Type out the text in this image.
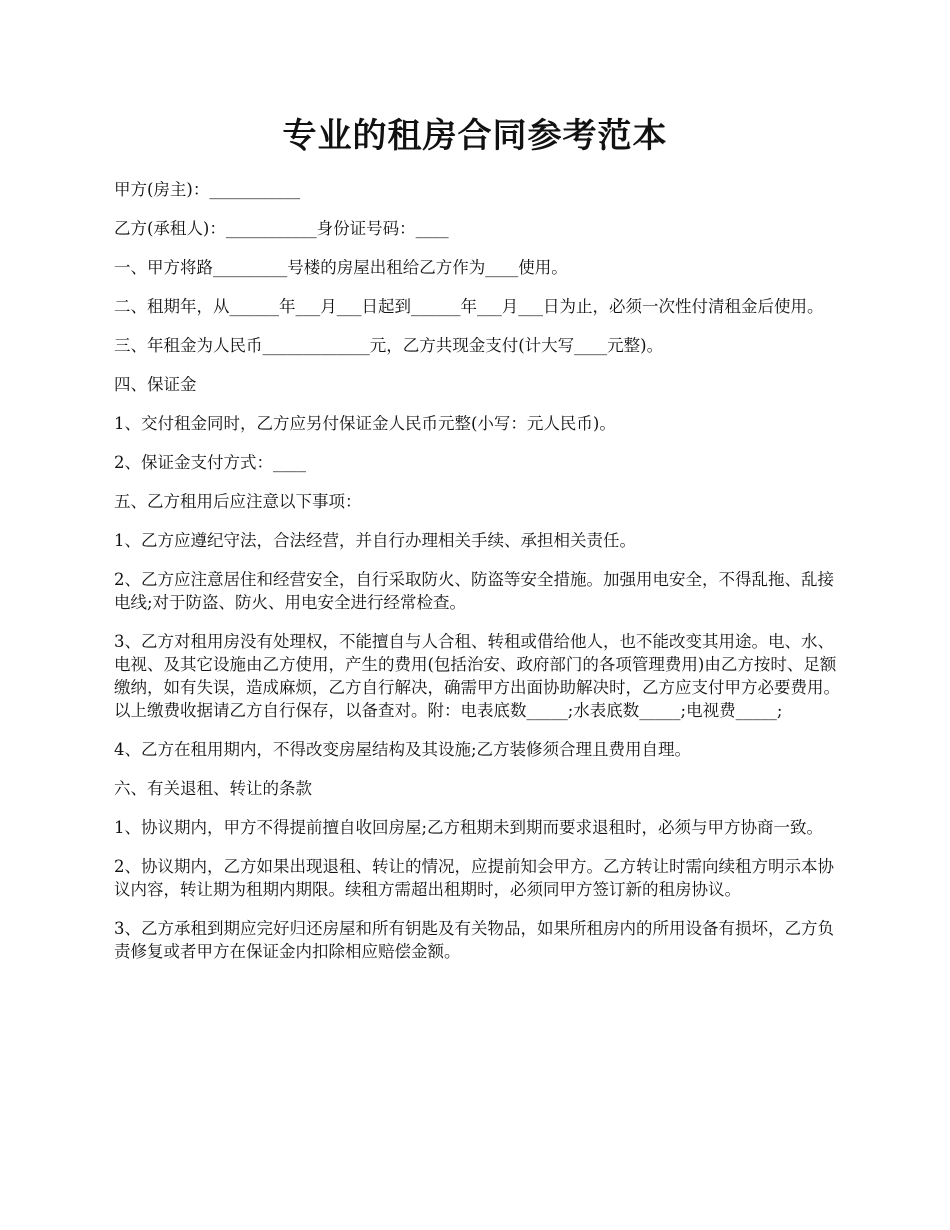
专业的租房合同参考范本

甲方(房主)：___________

乙方(承租人)：___________身份证号码：____

一、甲方将路_________号楼的房屋出租给乙方作为____使用。

二、租期年，从______年___月___日起到______年___月___日为止，必须一次性付清租金后使用。

三、年租金为人民币_____________元，乙方共现金支付(计大写____元整)。

四、保证金

1、交付租金同时，乙方应另付保证金人民币元整(小写：元人民币)。

2、保证金支付方式：____

五、乙方租用后应注意以下事项：

1、乙方应遵纪守法，合法经营，并自行办理相关手续、承担相关责任。

2、乙方应注意居住和经营安全，自行采取防火、防盗等安全措施。加强用电安全，不得乱拖、乱接电线;对于防盗、防火、用电安全进行经常检查。

3、乙方对租用房没有处理权，不能擅自与人合租、转租或借给他人，也不能改变其用途。电、水、电视、及其它设施由乙方使用，产生的费用(包括治安、政府部门的各项管理费用)由乙方按时、足额缴纳，如有失误，造成麻烦，乙方自行解决，确需甲方出面协助解决时，乙方应支付甲方必要费用。以上缴费收据请乙方自行保存，以备查对。附：电表底数_____;水表底数_____;电视费_____;

4、乙方在租用期内，不得改变房屋结构及其设施;乙方装修须合理且费用自理。

六、有关退租、转让的条款

1、协议期内，甲方不得提前擅自收回房屋;乙方租期未到期而要求退租时，必须与甲方协商一致。

2、协议期内，乙方如果出现退租、转让的情况，应提前知会甲方。乙方转让时需向续租方明示本协议内容，转让期为租期内期限。续租方需超出租期时，必须同甲方签订新的租房协议。

3、乙方承租到期应完好归还房屋和所有钥匙及有关物品，如果所租房内的所用设备有损坏，乙方负责修复或者甲方在保证金内扣除相应赔偿金额。
